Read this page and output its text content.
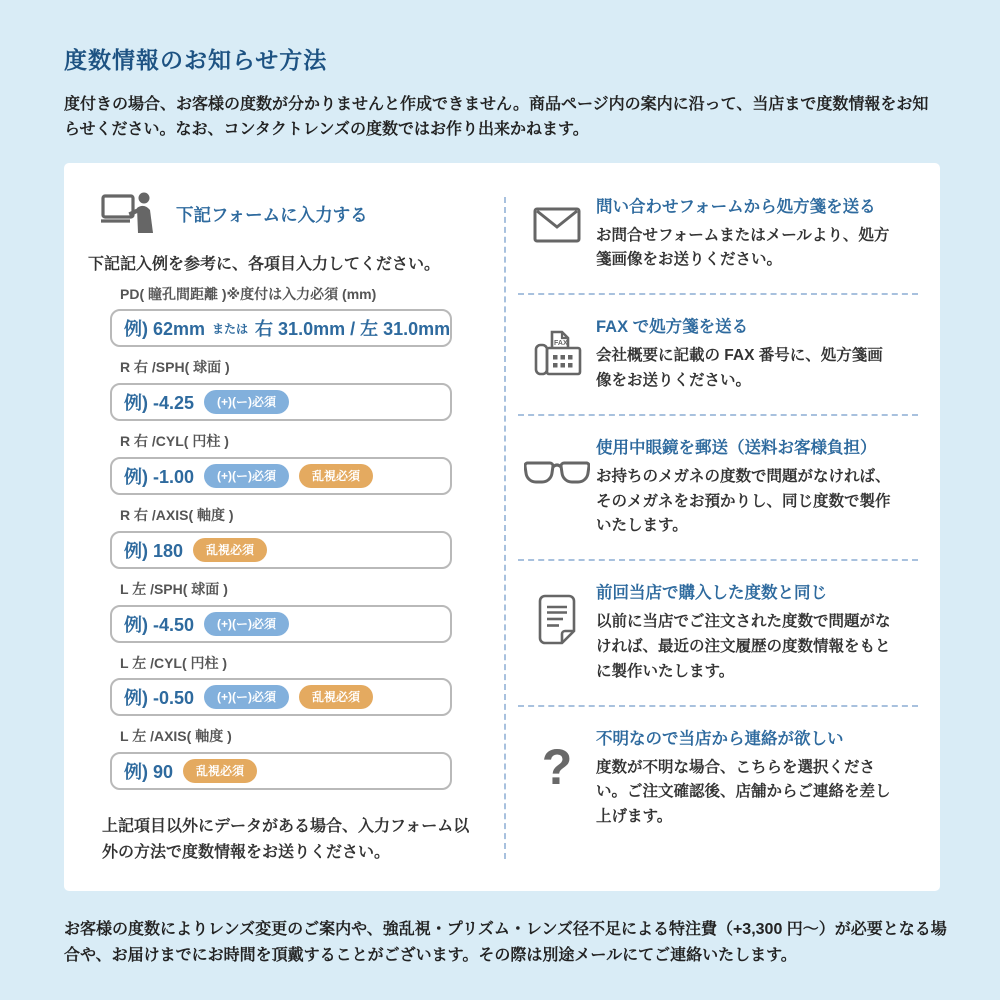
度数情報のお知らせ方法
度付きの場合、お客様の度数が分かりませんと作成できません。商品ページ内の案内に沿って、当店まで度数情報をお知らせください。なお、コンタクトレンズの度数ではお作り出来かねます。
下記フォームに入力する
下記記入例を参考に、各項目入力してください。
PD( 瞳孔間距離 )※度付は入力必須 (mm)
例) 62mm または 右 31.0mm / 左 31.0mm
R 右 /SPH( 球面 )
例) -4.25	(+)(ー)必須
R 右 /CYL( 円柱 )
例) -1.00	(+)(ー)必須	乱視必須
R 右 /AXIS( 軸度 )
例) 180	乱視必須
L 左 /SPH( 球面 )
例) -4.50	(+)(ー)必須
L 左 /CYL( 円柱 )
例) -0.50	(+)(ー)必須	乱視必須
L 左 /AXIS( 軸度 )
例) 90	乱視必須
上記項目以外にデータがある場合、入力フォーム以外の方法で度数情報をお送りください。
問い合わせフォームから処方箋を送る
お問合せフォームまたはメールより、処方箋画像をお送りください。
FAX
FAX で処方箋を送る
会社概要に記載の FAX 番号に、処方箋画像をお送りください。
使用中眼鏡を郵送（送料お客様負担）
お持ちのメガネの度数で問題がなければ、そのメガネをお預かりし、同じ度数で製作いたします。
前回当店で購入した度数と同じ
以前に当店でご注文された度数で問題がなければ、最近の注文履歴の度数情報をもとに製作いたします。
? 不明なので当店から連絡が欲しい
度数が不明な場合、こちらを選択ください。ご注文確認後、店舗からご連絡を差し上げます。
お客様の度数によりレンズ変更のご案内や、強乱視・プリズム・レンズ径不足による特注費（+3,300 円〜）が必要となる場合や、お届けまでにお時間を頂戴することがございます。その際は別途メールにてご連絡いたします。
